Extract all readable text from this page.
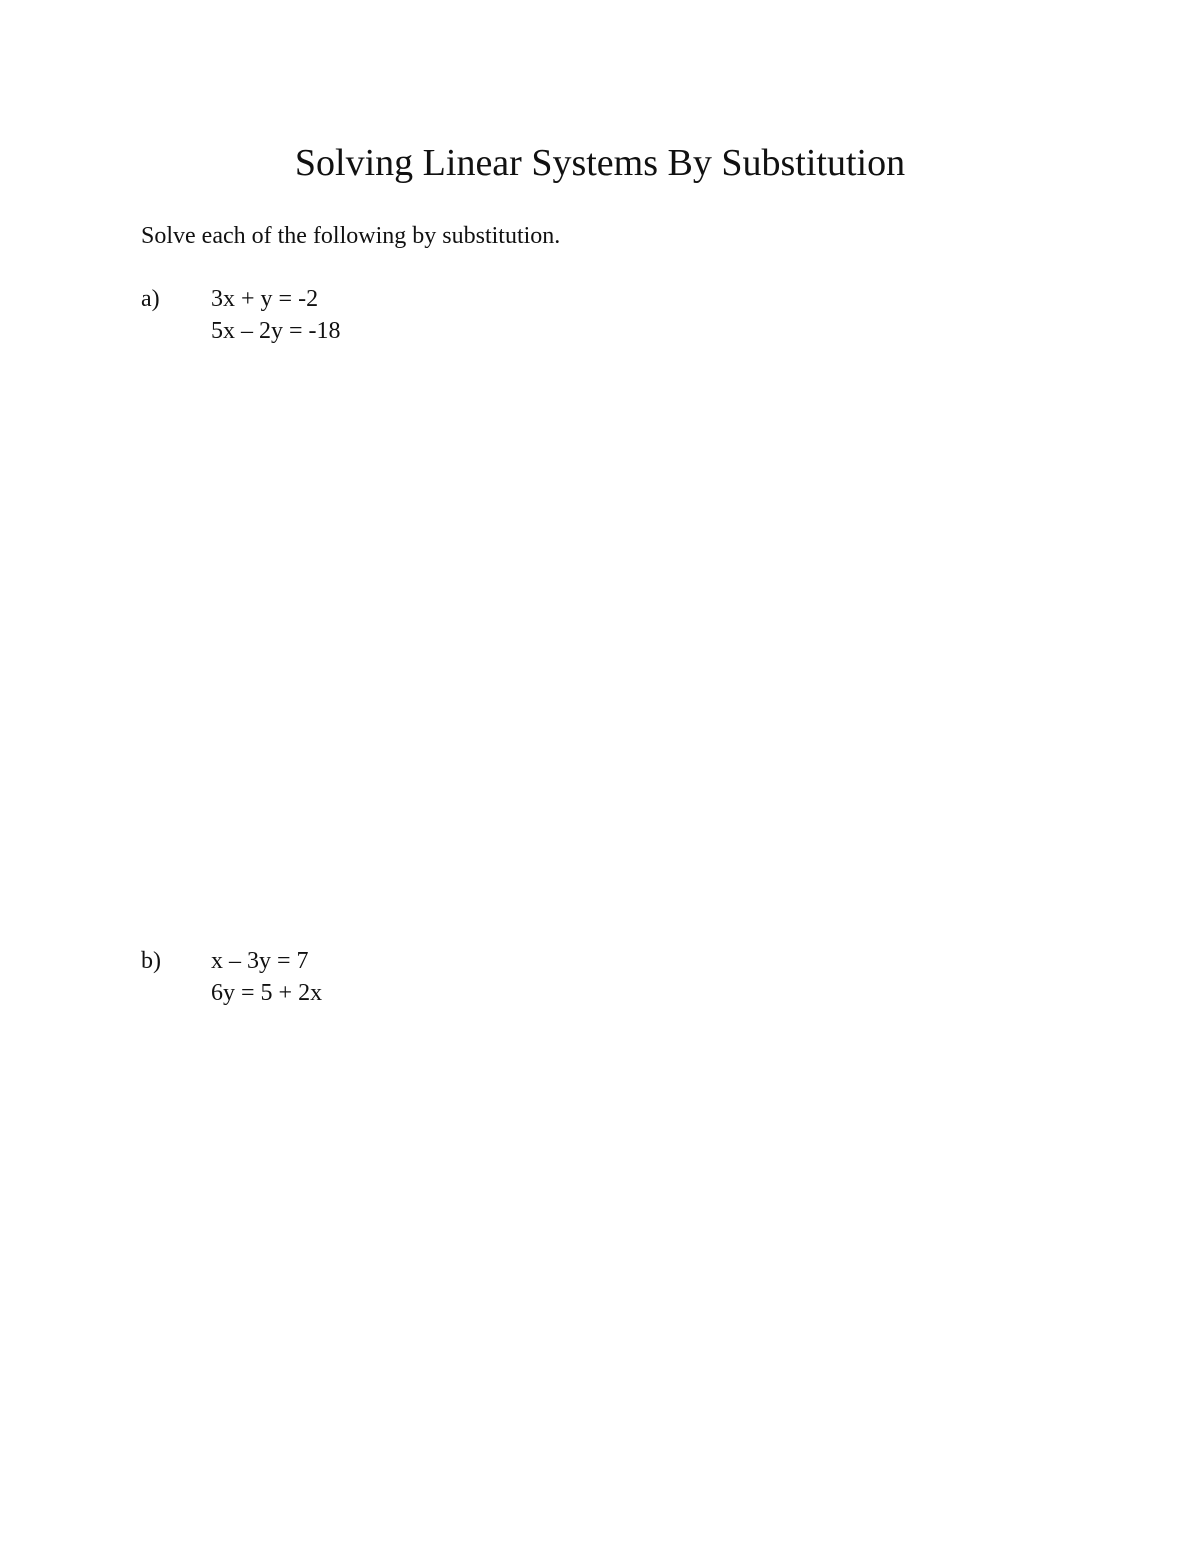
Solving Linear Systems By Substitution

Solve each of the following by substitution.

a) 3x + y = -2
5x – 2y = -18
b) x – 3y = 7
6y = 5 + 2x
